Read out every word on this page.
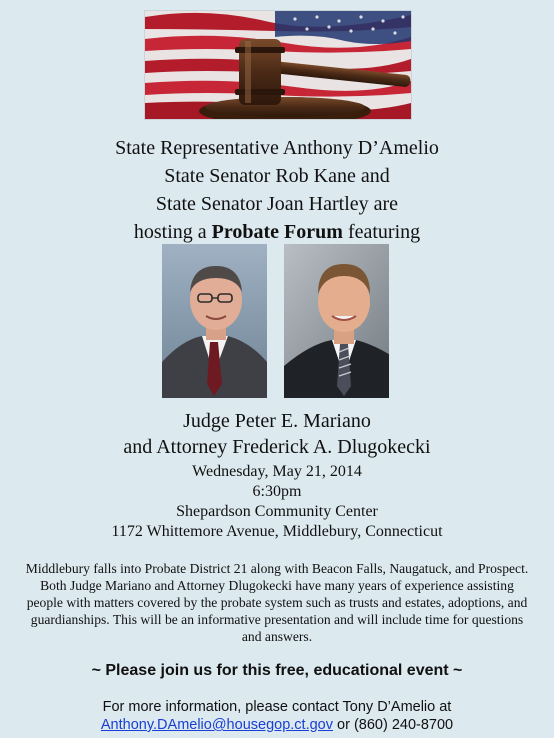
State Representative Anthony D’Amelio
State Senator Rob Kane and
State Senator Joan Hartley are
hosting a Probate Forum featuring
Judge Peter E. Mariano
and Attorney Frederick A. Dlugokecki
Wednesday, May 21, 2014
6:30pm
Shepardson Community Center
1172 Whittemore Avenue, Middlebury, Connecticut
Middlebury falls into Probate District 21 along with Beacon Falls, Naugatuck, and Prospect. Both Judge Mariano and Attorney Dlugokecki have many years of experience assisting people with matters covered by the probate system such as trusts and estates, adoptions, and guardianships. This will be an informative presentation and will include time for questions and answers.
~ Please join us for this free, educational event ~
For more information, please contact Tony D’Amelio at
Anthony.DAmelio@housegop.ct.gov or (860) 240-8700
